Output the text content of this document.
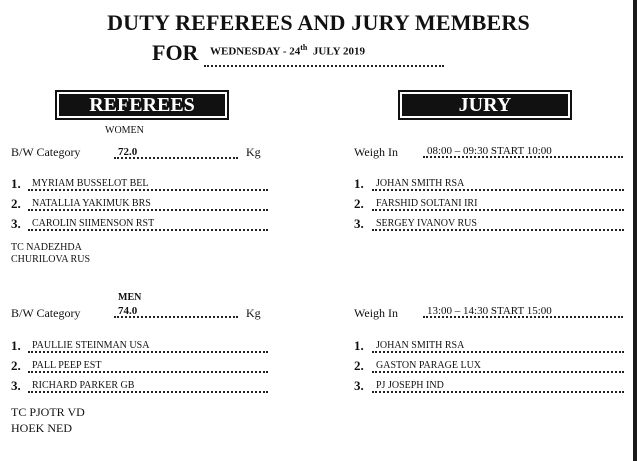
DUTY REFEREES AND JURY MEMBERS
FOR	WEDNESDAY - 24th JULY 2019
REFEREES	JURY
WOMEN
B/W Category	72.0	Kg
1.	MYRIAM BUSSELOT BEL
2.	NATALLIA YAKIMUK BRS
3.	CAROLIN SIIMENSON RST
TC NADEZHDA
CHURILOVA RUS
MEN
B/W Category	74.0	Kg
1.	PAULLIE STEINMAN USA
2.	PALL PEEP EST
3.	RICHARD PARKER GB
TC PJOTR VD
HOEK NED
Weigh In	08:00 – 09:30 START 10:00
1.	JOHAN SMITH RSA
2.	FARSHID SOLTANI IRI
3.	SERGEY IVANOV RUS
Weigh In	13:00 – 14:30 START 15:00
1.	JOHAN SMITH RSA
2.	GASTON PARAGE LUX
3.	PJ JOSEPH IND
